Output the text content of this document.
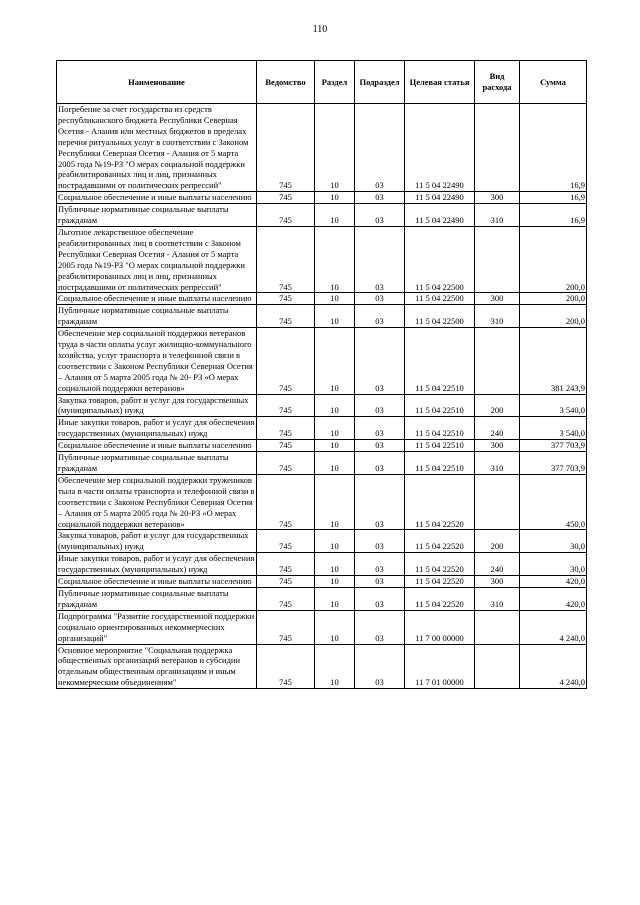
110
Наименование	Ведомство	Раздел	Подраздел	Целевая статья	Вид расхода	Сумма
Погребение за счет государства из средств республиканского бюджета Республики Северная Осетия - Алания или местных бюджетов в пределах перечня ритуальных услуг в соответствии с Законом Республики Северная Осетия - Алания от 5 марта 2005 года №19-РЗ "О мерах социальной поддержки реабилитированных лиц и лиц, признанных пострадавшими от политических репрессий"	745	10	03	11 5 04 22490		16,9
Социальное обеспечение и иные выплаты населению	745	10	03	11 5 04 22490	300	16,9
Публичные нормативные социальные выплаты гражданам	745	10	03	11 5 04 22490	310	16,9
Льготное лекарственное обеспечение реабилитированных лиц в соответствии с Законом Республики Северная Осетия - Алания от 5 марта 2005 года №19-РЗ "О мерах социальной поддержки реабилитированных лиц и лиц, признанных пострадавшими от политических репрессий"	745	10	03	11 5 04 22500		200,0
Социальное обеспечение и иные выплаты населению	745	10	03	11 5 04 22500	300	200,0
Публичные нормативные социальные выплаты гражданам	745	10	03	11 5 04 22500	310	200,0
Обеспечение мер социальной поддержки ветеранов труда в части оплаты услуг жилищно-коммунального хозяйства, услуг транспорта и телефонной связи в соответствии с Законом Республики Северная Осетия – Алания от 5 марта 2005 года № 20- РЗ «О мерах социальной поддержки ветеранов»	745	10	03	11 5 04 22510		381 243,9
Закупка товаров, работ и услуг для государственных (муниципальных) нужд	745	10	03	11 5 04 22510	200	3 540,0
Иные закупки товаров, работ и услуг для обеспечения государственных (муниципальных) нужд	745	10	03	11 5 04 22510	240	3 540,0
Социальное обеспечение и иные выплаты населению	745	10	03	11 5 04 22510	300	377 703,9
Публичные нормативные социальные выплаты гражданам	745	10	03	11 5 04 22510	310	377 703,9
Обеспечение мер социальной поддержки тружеников тыла в части оплаты транспорта и телефонной связи в соответствии с Законом Республики Северная Осетия – Алания от 5 марта 2005 года № 20-РЗ «О мерах социальной поддержки ветеранов»	745	10	03	11 5 04 22520		450,0
Закупка товаров, работ и услуг для государственных (муниципальных) нужд	745	10	03	11 5 04 22520	200	30,0
Иные закупки товаров, работ и услуг для обеспечения государственных (муниципальных) нужд	745	10	03	11 5 04 22520	240	30,0
Социальное обеспечение и иные выплаты населению	745	10	03	11 5 04 22520	300	420,0
Публичные нормативные социальные выплаты гражданам	745	10	03	11 5 04 22520	310	420,0
Подпрограмма "Развитие государственной поддержки социально ориентированных некоммерческих организаций"	745	10	03	11 7 00 00000		4 240,0
Основное мероприятие "Социальная поддержка общественных организаций ветеранов и субсидии отдельным общественным организациям и иным некоммерческим объединениям"	745	10	03	11 7 01 00000		4 240,0
